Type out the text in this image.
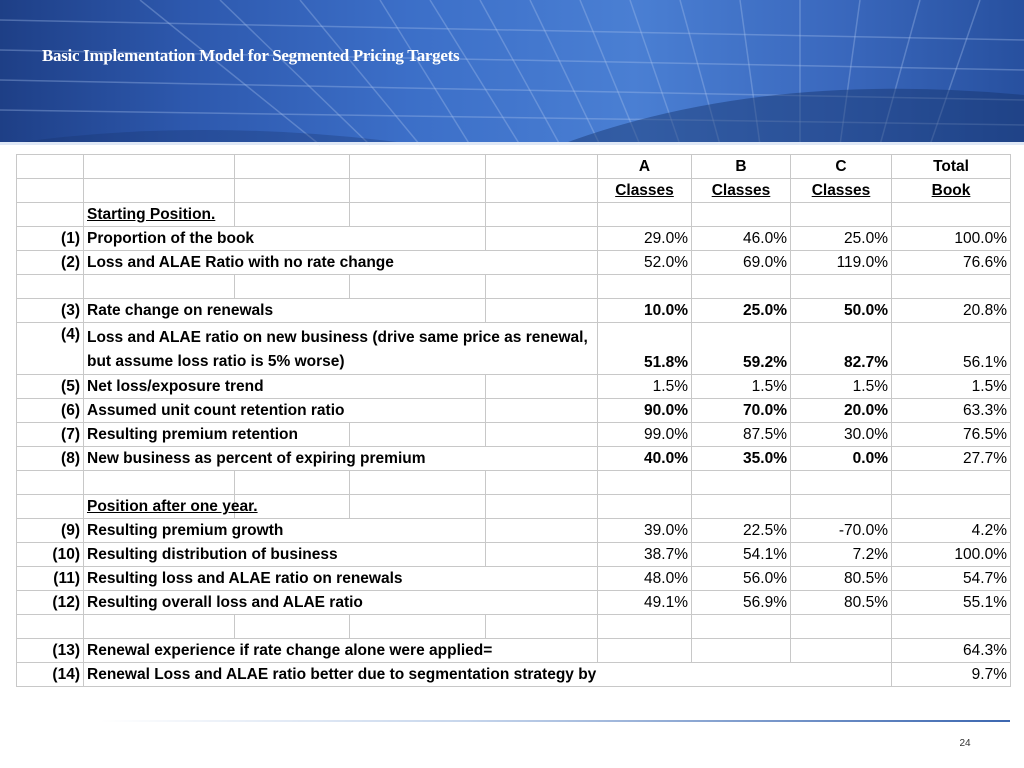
Basic Implementation Model for Segmented Pricing Targets
					A	B	C	Total
					Classes	Classes	Classes	Book
	Starting Position.							
(1)	Proportion of the book				29.0%	46.0%	25.0%	100.0%
(2)	Loss and ALAE Ratio with no rate change				52.0%	69.0%	119.0%	76.6%

(3)	Rate change on renewals				10.0%	25.0%	50.0%	20.8%
(4)	Loss and ALAE ratio on new business (drive same price as renewal, but assume loss ratio is 5% worse)				51.8%	59.2%	82.7%	56.1%
(5)	Net loss/exposure trend				1.5%	1.5%	1.5%	1.5%
(6)	Assumed unit count retention ratio				90.0%	70.0%	20.0%	63.3%
(7)	Resulting premium retention				99.0%	87.5%	30.0%	76.5%
(8)	New business as percent of expiring premium				40.0%	35.0%	0.0%	27.7%

	Position after one year.							
(9)	Resulting premium growth				39.0%	22.5%	-70.0%	4.2%
(10)	Resulting distribution of business				38.7%	54.1%	7.2%	100.0%
(11)	Resulting loss and ALAE ratio on renewals				48.0%	56.0%	80.5%	54.7%
(12)	Resulting overall loss and ALAE ratio				49.1%	56.9%	80.5%	55.1%

(13)	Renewal experience if rate change alone were applied=							64.3%
(14)	Renewal Loss and ALAE ratio better due to segmentation strategy by							9.7%
24
